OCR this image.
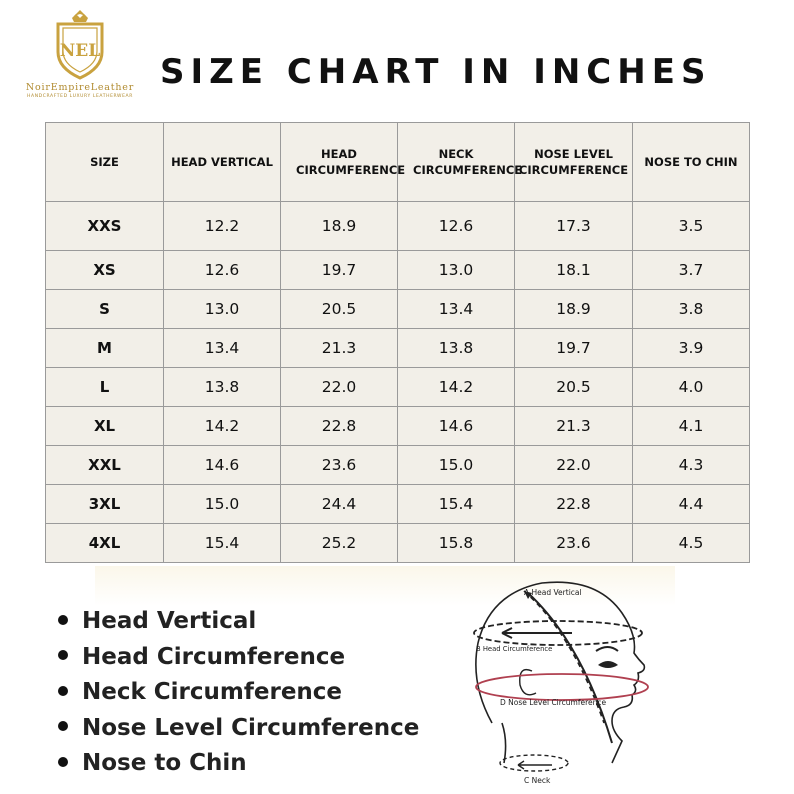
NEL
NoirEmpireLeather
HANDCRAFTED LUXURY LEATHERWEAR
SIZE CHART IN INCHES
SIZE	HEAD VERTICAL	HEAD CIRCUMFERENCE	NECK CIRCUMFERENCE	NOSE LEVEL CIRCUMFERENCE	NOSE TO CHIN
XXS	12.2	18.9	12.6	17.3	3.5
XS	12.6	19.7	13.0	18.1	3.7
S	13.0	20.5	13.4	18.9	3.8
M	13.4	21.3	13.8	19.7	3.9
L	13.8	22.0	14.2	20.5	4.0
XL	14.2	22.8	14.6	21.3	4.1
XXL	14.6	23.6	15.0	22.0	4.3
3XL	15.0	24.4	15.4	22.8	4.4
4XL	15.4	25.2	15.8	23.6	4.5
Head Vertical
Head Circumference
Neck Circumference
Nose Level Circumference
Nose to Chin
A Head Vertical
B Head Circumference
D Nose Level Circumference
C Neck
